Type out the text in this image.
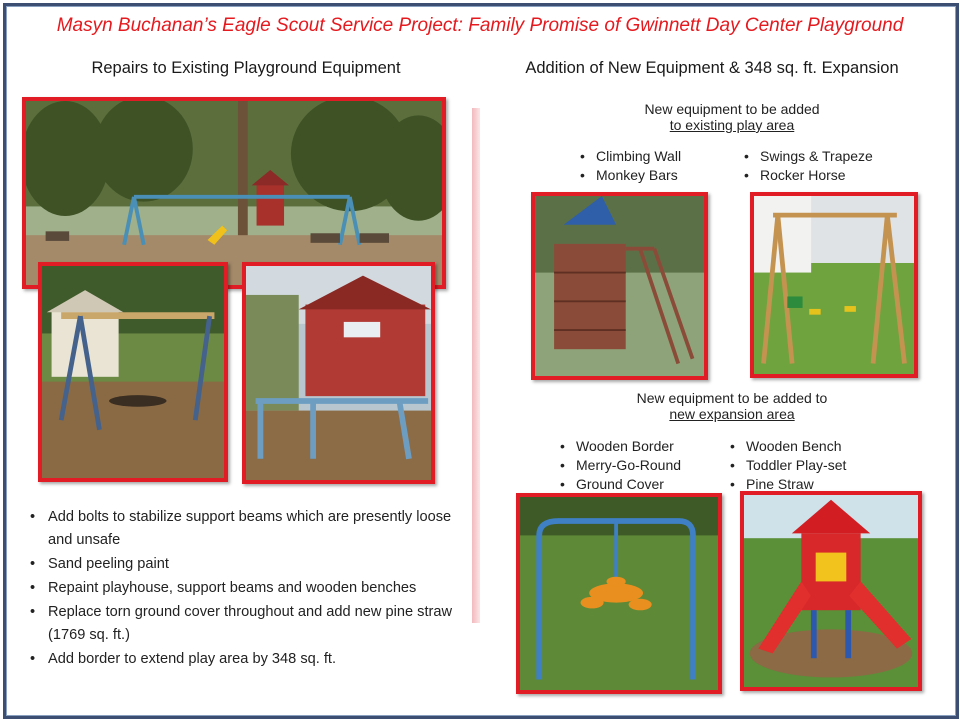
Masyn Buchanan’s Eagle Scout Service Project: Family Promise of Gwinnett Day Center Playground
Repairs to Existing Playground Equipment	Addition of New Equipment & 348 sq. ft. Expansion
• Add bolts to stabilize support beams which are presently loose and unsafe
• Sand peeling paint
• Repaint playhouse, support beams and wooden benches
• Replace torn ground cover throughout and add new pine straw (1769 sq. ft.)
• Add border to extend play area by 348 sq. ft.
New equipment to be added
to existing play area
• Climbing Wall
• Monkey Bars
• Swings & Trapeze
• Rocker Horse
New equipment to be added to
new expansion area
• Wooden Border
• Merry-Go-Round
• Ground Cover
• Wooden Bench
• Toddler Play-set
• Pine Straw
